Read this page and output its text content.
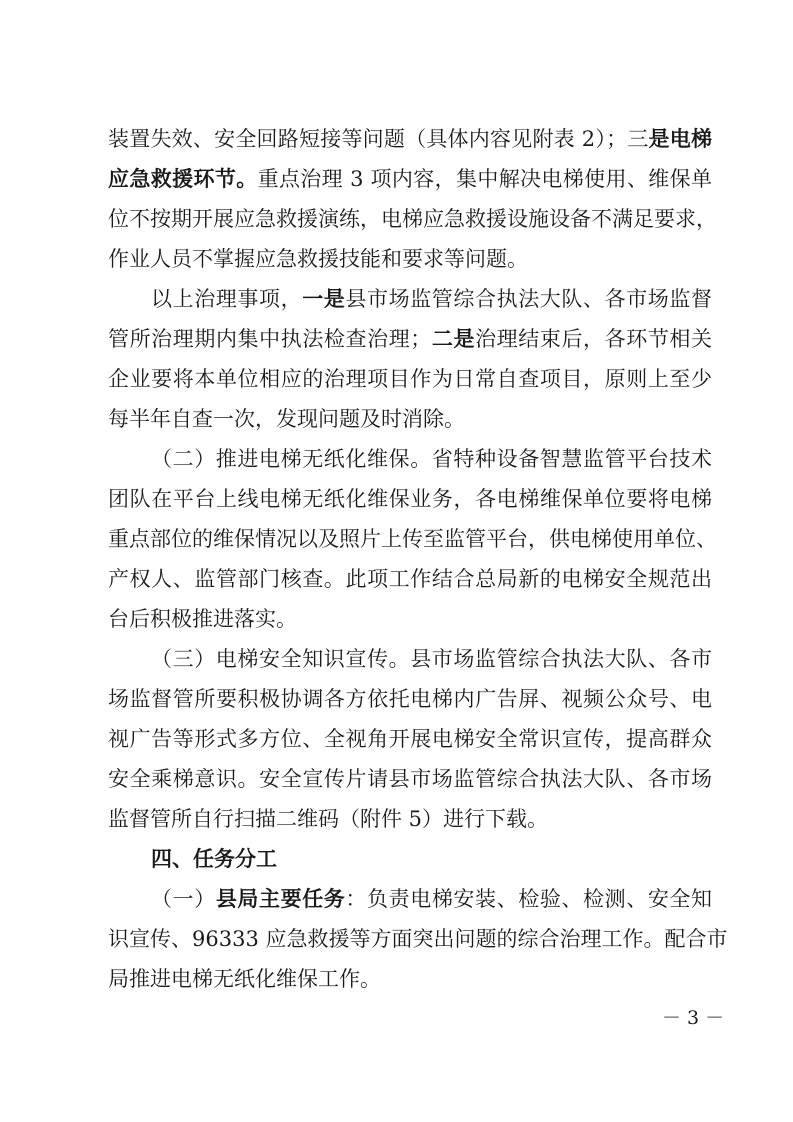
装置失效、安全回路短接等问题（具体内容见附表 2）；三是电梯
应急救援环节。重点治理 3 项内容，集中解决电梯使用、维保单
位不按期开展应急救援演练，电梯应急救援设施设备不满足要求，
作业人员不掌握应急救援技能和要求等问题。
以上治理事项，一是县市场监管综合执法大队、各市场监督
管所治理期内集中执法检查治理；二是治理结束后，各环节相关
企业要将本单位相应的治理项目作为日常自查项目，原则上至少
每半年自查一次，发现问题及时消除。
（二）推进电梯无纸化维保。省特种设备智慧监管平台技术
团队在平台上线电梯无纸化维保业务，各电梯维保单位要将电梯
重点部位的维保情况以及照片上传至监管平台，供电梯使用单位、
产权人、监管部门核查。此项工作结合总局新的电梯安全规范出
台后积极推进落实。
（三）电梯安全知识宣传。县市场监管综合执法大队、各市
场监督管所要积极协调各方依托电梯内广告屏、视频公众号、电
视广告等形式多方位、全视角开展电梯安全常识宣传，提高群众
安全乘梯意识。安全宣传片请县市场监管综合执法大队、各市场
监督管所自行扫描二维码（附件 5）进行下载。
四、任务分工
（一）县局主要任务：负责电梯安装、检验、检测、安全知
识宣传、96333 应急救援等方面突出问题的综合治理工作。配合市
局推进电梯无纸化维保工作。
－ 3 －
